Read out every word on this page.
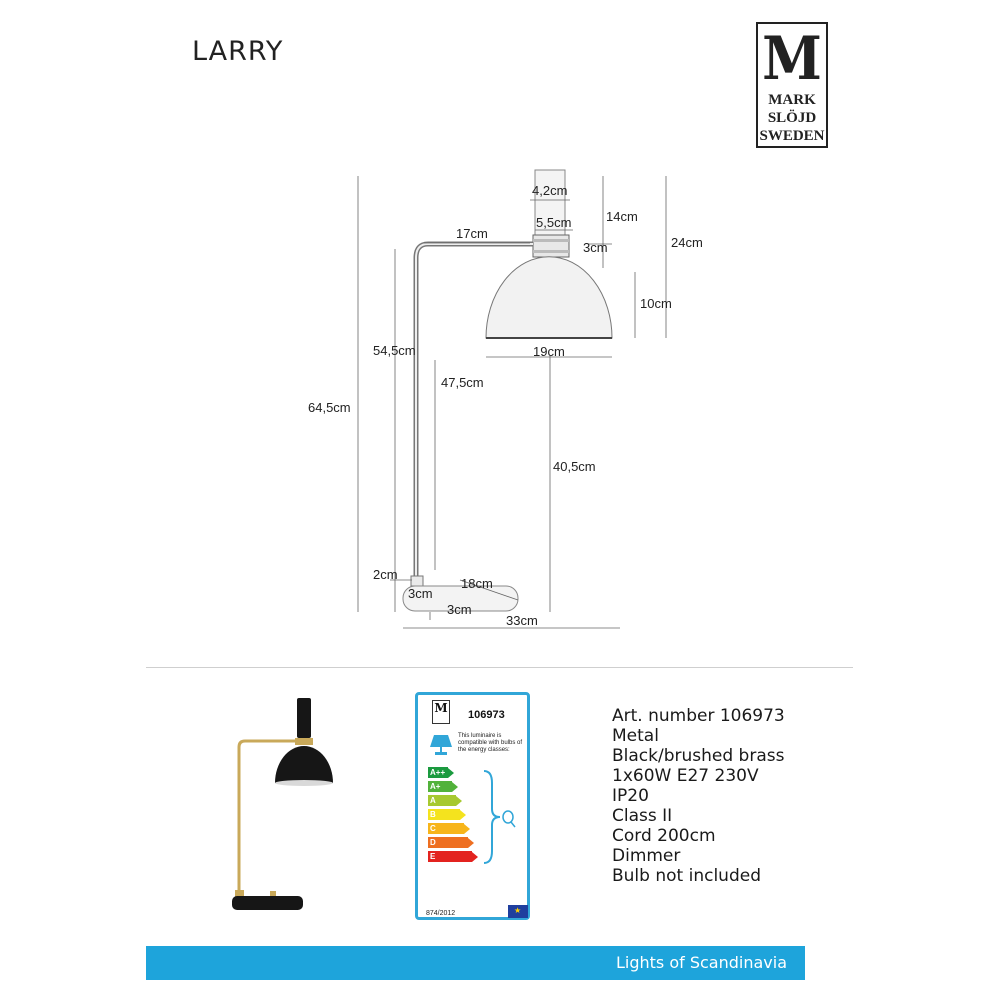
LARRY	M
MARK
SLÖJD
SWEDEN
4,2cm
5,5cm
3cm
14cm
24cm
17cm
10cm
19cm
54,5cm
64,5cm
47,5cm
40,5cm
2cm
18cm
3cm
3cm
33cm
M 106973
This luminaire is compatible with bulbs of the energy classes:
A++
A+
A
B
C
D
E
874/2012	★
Art. number 106973
Metal
Black/brushed brass
1x60W E27 230V
IP20
Class II
Cord 200cm
Dimmer
Bulb not included
Lights of Scandinavia
